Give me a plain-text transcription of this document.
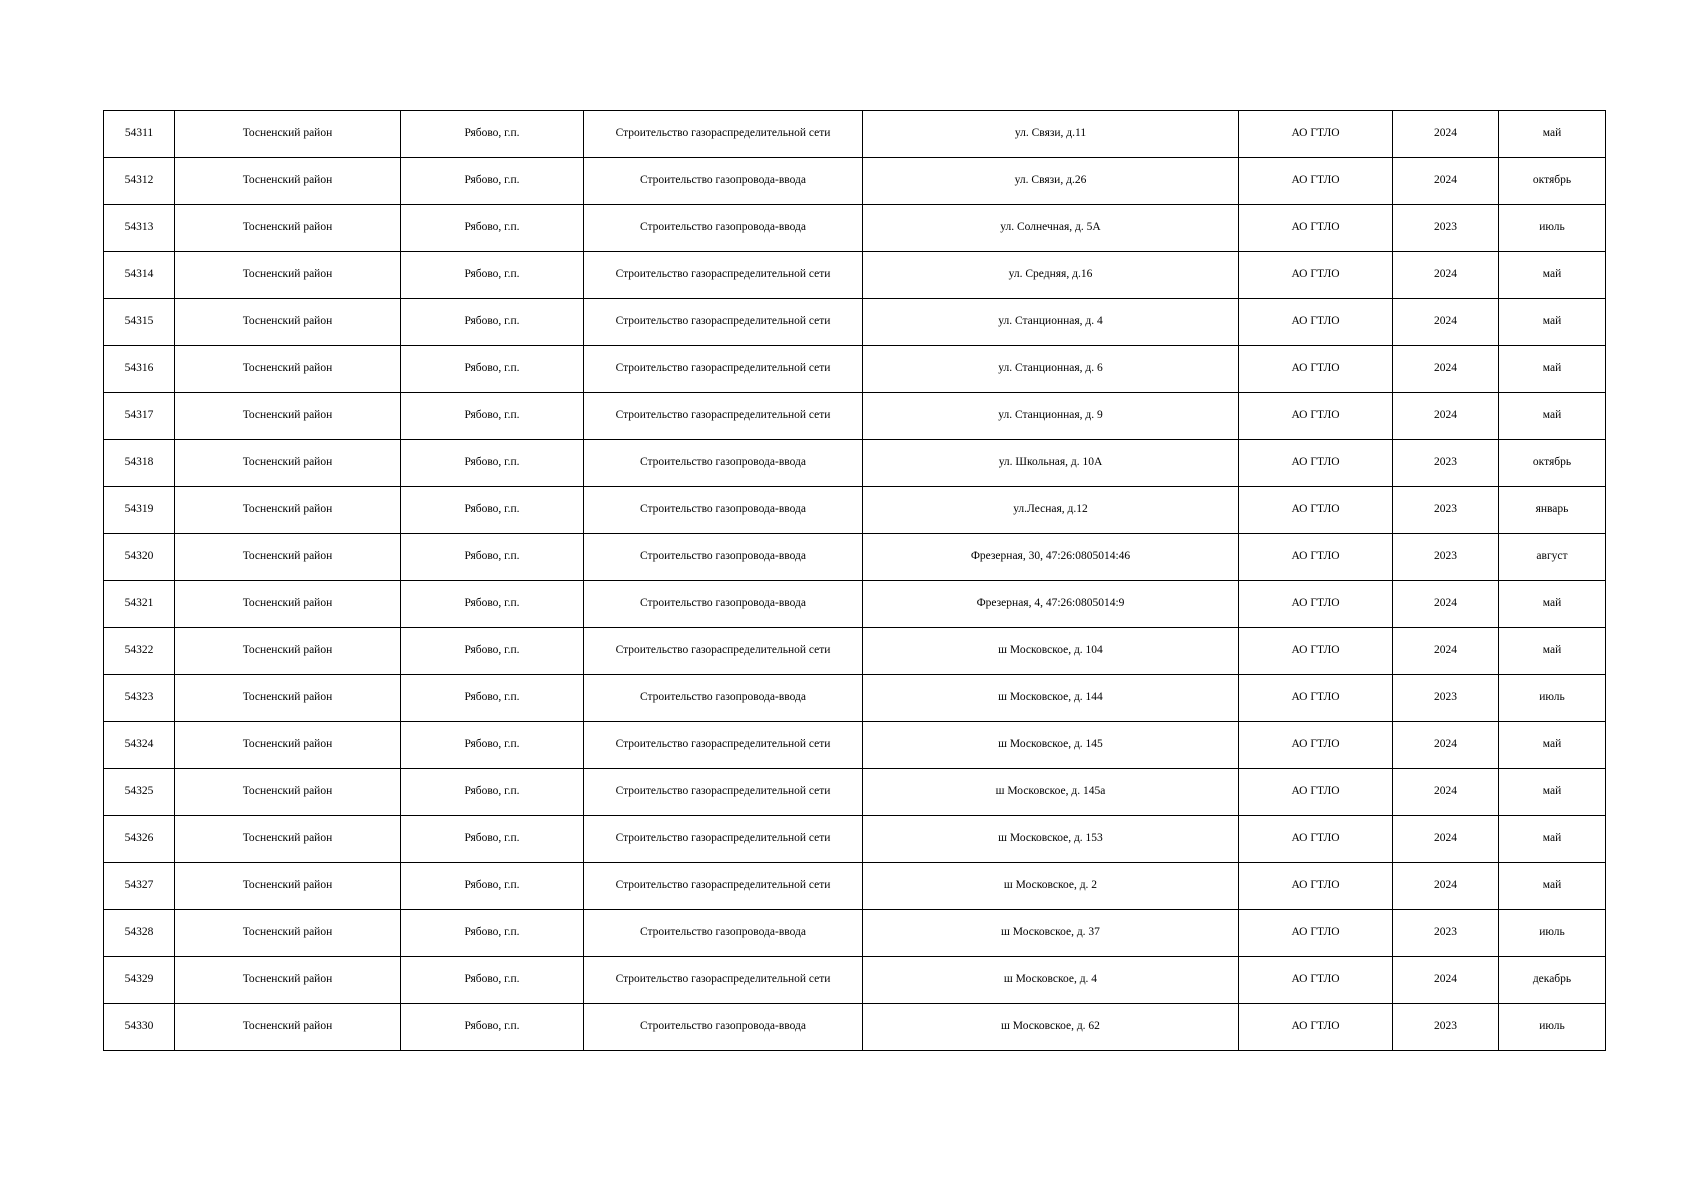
54311	Тосненский район	Рябово, г.п.	Строительство газораспределительной сети	ул. Связи, д.11	АО ГТЛО	2024	май
54312	Тосненский район	Рябово, г.п.	Строительство газопровода-ввода	ул. Связи, д.26	АО ГТЛО	2024	октябрь
54313	Тосненский район	Рябово, г.п.	Строительство газопровода-ввода	ул. Солнечная, д. 5А	АО ГТЛО	2023	июль
54314	Тосненский район	Рябово, г.п.	Строительство газораспределительной сети	ул. Средняя, д.16	АО ГТЛО	2024	май
54315	Тосненский район	Рябово, г.п.	Строительство газораспределительной сети	ул. Станционная, д. 4	АО ГТЛО	2024	май
54316	Тосненский район	Рябово, г.п.	Строительство газораспределительной сети	ул. Станционная, д. 6	АО ГТЛО	2024	май
54317	Тосненский район	Рябово, г.п.	Строительство газораспределительной сети	ул. Станционная, д. 9	АО ГТЛО	2024	май
54318	Тосненский район	Рябово, г.п.	Строительство газопровода-ввода	ул. Школьная, д. 10А	АО ГТЛО	2023	октябрь
54319	Тосненский район	Рябово, г.п.	Строительство газопровода-ввода	ул.Лесная, д.12	АО ГТЛО	2023	январь
54320	Тосненский район	Рябово, г.п.	Строительство газопровода-ввода	Фрезерная, 30, 47:26:0805014:46	АО ГТЛО	2023	август
54321	Тосненский район	Рябово, г.п.	Строительство газопровода-ввода	Фрезерная, 4, 47:26:0805014:9	АО ГТЛО	2024	май
54322	Тосненский район	Рябово, г.п.	Строительство газораспределительной сети	ш Московское, д. 104	АО ГТЛО	2024	май
54323	Тосненский район	Рябово, г.п.	Строительство газопровода-ввода	ш Московское, д. 144	АО ГТЛО	2023	июль
54324	Тосненский район	Рябово, г.п.	Строительство газораспределительной сети	ш Московское, д. 145	АО ГТЛО	2024	май
54325	Тосненский район	Рябово, г.п.	Строительство газораспределительной сети	ш Московское, д. 145а	АО ГТЛО	2024	май
54326	Тосненский район	Рябово, г.п.	Строительство газораспределительной сети	ш Московское, д. 153	АО ГТЛО	2024	май
54327	Тосненский район	Рябово, г.п.	Строительство газораспределительной сети	ш Московское, д. 2	АО ГТЛО	2024	май
54328	Тосненский район	Рябово, г.п.	Строительство газопровода-ввода	ш Московское, д. 37	АО ГТЛО	2023	июль
54329	Тосненский район	Рябово, г.п.	Строительство газораспределительной сети	ш Московское, д. 4	АО ГТЛО	2024	декабрь
54330	Тосненский район	Рябово, г.п.	Строительство газопровода-ввода	ш Московское, д. 62	АО ГТЛО	2023	июль
